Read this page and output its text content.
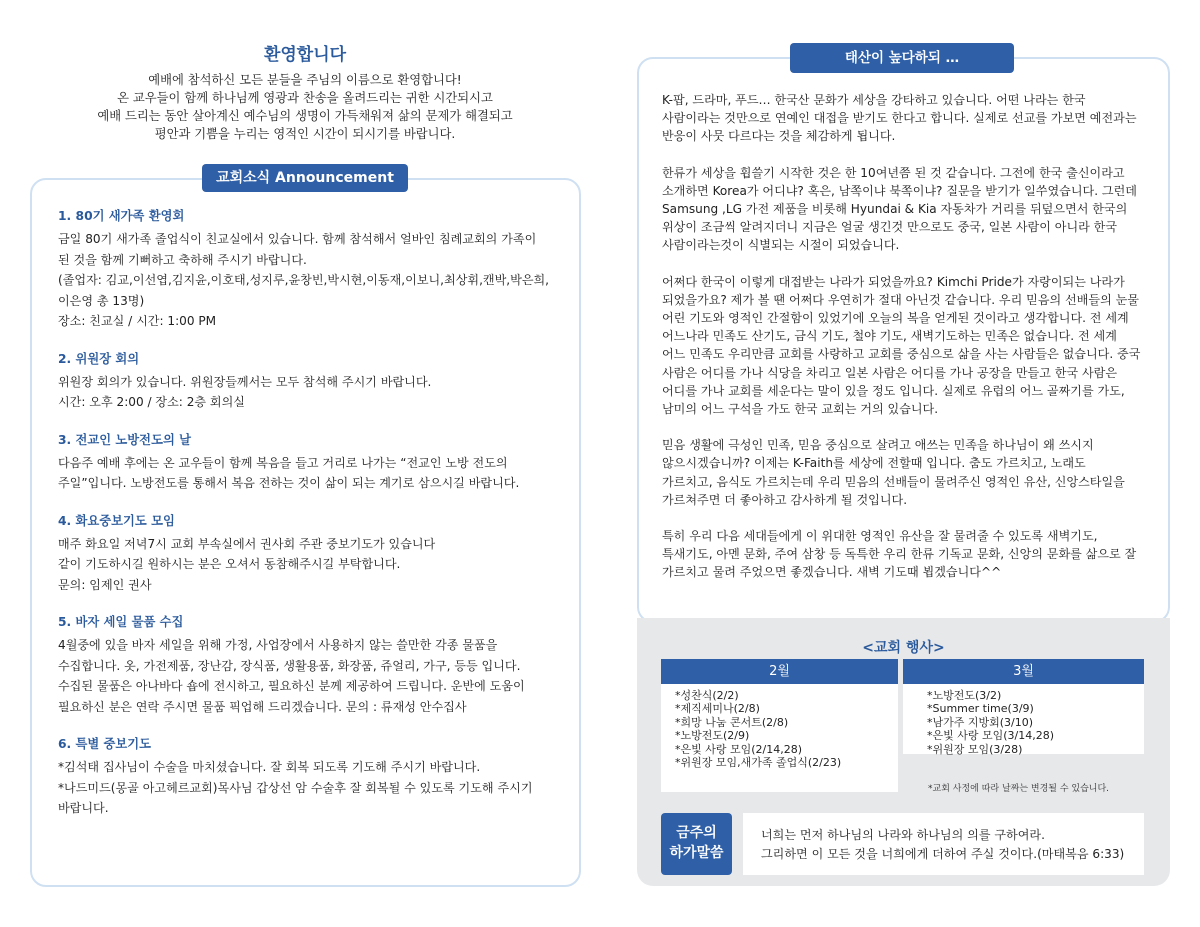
환영합니다

예배에 참석하신 모든 분들을 주님의 이름으로 환영합니다!

온 교우들이 함께 하나님께 영광과 찬송을 올려드리는 귀한 시간되시고

예배 드리는 동안 살아계신 예수님의 생명이 가득채워져 삶의 문제가 해결되고

평안과 기쁨을 누리는 영적인 시간이 되시기를 바랍니다.

교회소식 Announcement
1. 80기 새가족 환영회

금일 80기 새가족 졸업식이 친교실에서 있습니다. 함께 참석해서 얼바인 침례교회의 가족이

된 것을 함께 기뻐하고 축하해 주시기 바랍니다.

(졸업자: 김교,이선엽,김지윤,이호태,성지루,윤창빈,박시현,이동재,이보니,최상휘,캔박,박은희,

이은영 총 13명)

장소: 친교실 / 시간: 1:00 PM

2. 위원장 회의

위원장 회의가 있습니다. 위원장들께서는 모두 참석해 주시기 바랍니다.

시간: 오후 2:00 / 장소: 2층 회의실

3. 전교인 노방전도의 날

다음주 예배 후에는 온 교우들이 함께 복음을 들고 거리로 나가는 “전교인 노방 전도의

주일”입니다. 노방전도를 통해서 복음 전하는 것이 삶이 되는 계기로 삼으시길 바랍니다.

4. 화요중보기도 모임

매주 화요일 저녁7시 교회 부속실에서 권사회 주관 중보기도가 있습니다

같이 기도하시길 원하시는 분은 오셔서 동참해주시길 부탁합니다.

문의: 임제인 권사

5. 바자 세일 물품 수집

4월중에 있을 바자 세일을 위해 가정, 사업장에서 사용하지 않는 쓸만한 각종 물품을

수집합니다. 옷, 가전제품, 장난감, 장식품, 생활용품, 화장품, 쥬얼리, 가구, 등등 입니다.

수집된 물품은 아나바다 숍에 전시하고, 필요하신 분께 제공하여 드립니다. 운반에 도움이

필요하신 분은 연락 주시면 물품 픽업해 드리겠습니다. 문의 : 류재성 안수집사

6. 특별 중보기도

*김석태 집사님이 수술을 마치셨습니다. 잘 회복 되도록 기도해 주시기 바랍니다.

*나드미드(몽골 아고헤르교회)목사님 갑상선 암 수술후 잘 회복될 수 있도록 기도해 주시기

바랍니다.

태산이 높다하되 …

K-팝, 드라마, 푸드… 한국산 문화가 세상을 강타하고 있습니다. 어떤 나라는 한국
사람이라는 것만으로 연예인 대접을 받기도 한다고 합니다. 실제로 선교를 가보면 예전과는
반응이 사뭇 다르다는 것을 체감하게 됩니다.

한류가 세상을 휩쓸기 시작한 것은 한 10여년쯤 된 것 같습니다. 그전에 한국 출신이라고
소개하면 Korea가 어디냐? 혹은, 남쪽이냐 북쪽이냐? 질문을 받기가 일쑤였습니다. 그런데
Samsung ,LG 가전 제품을 비롯해 Hyundai & Kia 자동차가 거리를 뒤덮으면서 한국의
위상이 조금씩 알려지더니 지금은 얼굴 생긴것 만으로도 중국, 일본 사람이 아니라 한국
사람이라는것이 식별되는 시절이 되었습니다.

어쩌다 한국이 이렇게 대접받는 나라가 되었을까요? Kimchi Pride가 자랑이되는 나라가
되었을가요? 제가 볼 땐 어쩌다 우연히가 절대 아닌것 같습니다. 우리 믿음의 선배들의 눈물
어린 기도와 영적인 간절함이 있었기에 오늘의 복을 얻게된 것이라고 생각합니다. 전 세계
어느나라 민족도 산기도, 금식 기도, 철야 기도, 새벽기도하는 민족은 없습니다. 전 세계
어느 민족도 우리만큼 교회를 사랑하고 교회를 중심으로 삶을 사는 사람들은 없습니다. 중국
사람은 어디를 가나 식당을 차리고 일본 사람은 어디를 가나 공장을 만들고 한국 사람은
어디를 가나 교회를 세운다는 말이 있을 정도 입니다. 실제로 유럽의 어느 골짜기를 가도,
남미의 어느 구석을 가도 한국 교회는 거의 있습니다.

믿음 생활에 극성인 민족, 믿음 중심으로 살려고 애쓰는 민족을 하나님이 왜 쓰시지
않으시겠습니까? 이제는 K-Faith를 세상에 전할때 입니다. 춤도 가르치고, 노래도
가르치고, 음식도 가르치는데 우리 믿음의 선배들이 물려주신 영적인 유산, 신앙스타일을
가르쳐주면 더 좋아하고 감사하게 될 것입니다.

특히 우리 다음 세대들에게 이 위대한 영적인 유산을 잘 물려줄 수 있도록 새벽기도,
특새기도, 아멘 문화, 주여 삼창 등 독특한 우리 한류 기독교 문화, 신앙의 문화를 삶으로 잘
가르치고 물려 주었으면 좋겠습니다. 새벽 기도때 뵙겠습니다^^

<교회 행사>
2월	3월
*성찬식(2/2)
*제직세미나(2/8)
*희망 나눔 콘서트(2/8)
*노방전도(2/9)
*은빛 사랑 모임(2/14,28)
*위원장 모임,새가족 졸업식(2/23)
*노방전도(3/2)
*Summer time(3/9)
*남가주 지방회(3/10)
*은빛 사랑 모임(3/14,28)
*위원장 모임(3/28)
*교회 사정에 따라 날짜는 변경될 수 있습니다.
금주의
하가말씀

너희는 먼저 하나님의 나라와 하나님의 의를 구하여라.

그리하면 이 모든 것을 너희에게 더하여 주실 것이다.(마태복음 6:33)
